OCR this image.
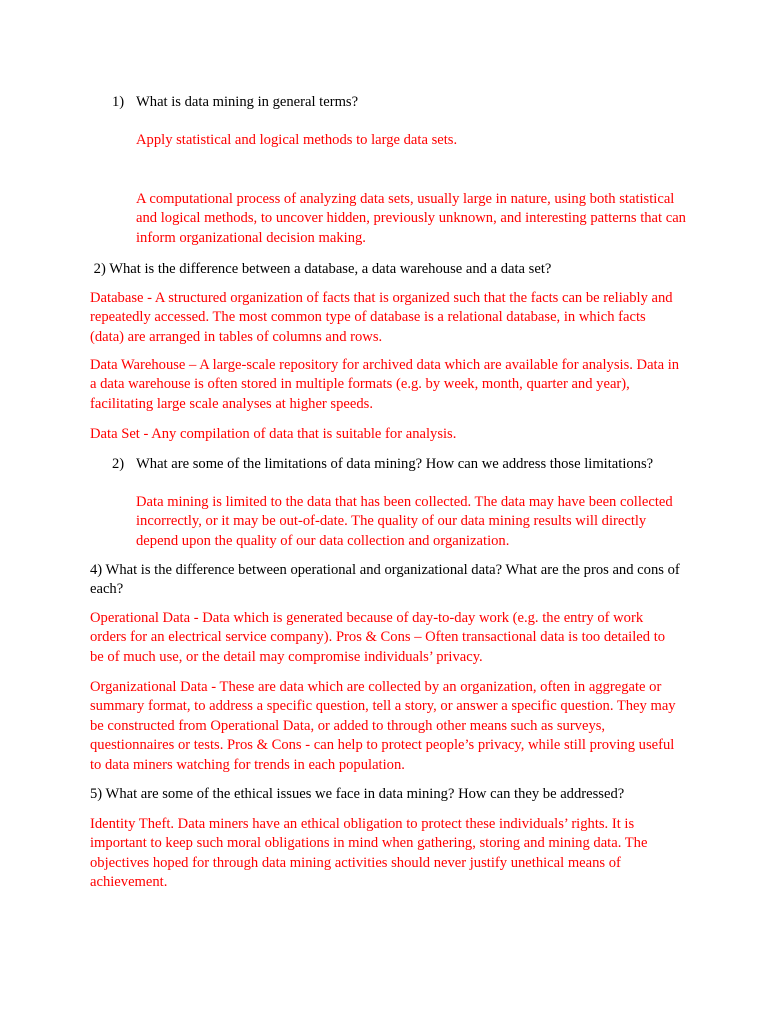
1) What is data mining in general terms?

Apply statistical and logical methods to large data sets.

A computational process of analyzing data sets, usually large in nature, using both statistical and logical methods, to uncover hidden, previously unknown, and interesting patterns that can inform organizational decision making.

2) What is the difference between a database, a data warehouse and a data set?

Database - A structured organization of facts that is organized such that the facts can be reliably and repeatedly accessed. The most common type of database is a relational database, in which facts (data) are arranged in tables of columns and rows.

Data Warehouse – A large-scale repository for archived data which are available for analysis. Data in a data warehouse is often stored in multiple formats (e.g. by week, month, quarter and year), facilitating large scale analyses at higher speeds.

Data Set - Any compilation of data that is suitable for analysis.

2) What are some of the limitations of data mining? How can we address those limitations?

Data mining is limited to the data that has been collected. The data may have been collected incorrectly, or it may be out-of-date. The quality of our data mining results will directly depend upon the quality of our data collection and organization.

4) What is the difference between operational and organizational data? What are the pros and cons of each?

Operational Data - Data which is generated because of day-to-day work (e.g. the entry of work orders for an electrical service company). Pros & Cons – Often transactional data is too detailed to be of much use, or the detail may compromise individuals’ privacy.

Organizational Data - These are data which are collected by an organization, often in aggregate or summary format, to address a specific question, tell a story, or answer a specific question. They may be constructed from Operational Data, or added to through other means such as surveys, questionnaires or tests. Pros & Cons - can help to protect people’s privacy, while still proving useful to data miners watching for trends in each population.

5) What are some of the ethical issues we face in data mining? How can they be addressed?

Identity Theft. Data miners have an ethical obligation to protect these individuals’ rights. It is important to keep such moral obligations in mind when gathering, storing and mining data. The objectives hoped for through data mining activities should never justify unethical means of achievement.
